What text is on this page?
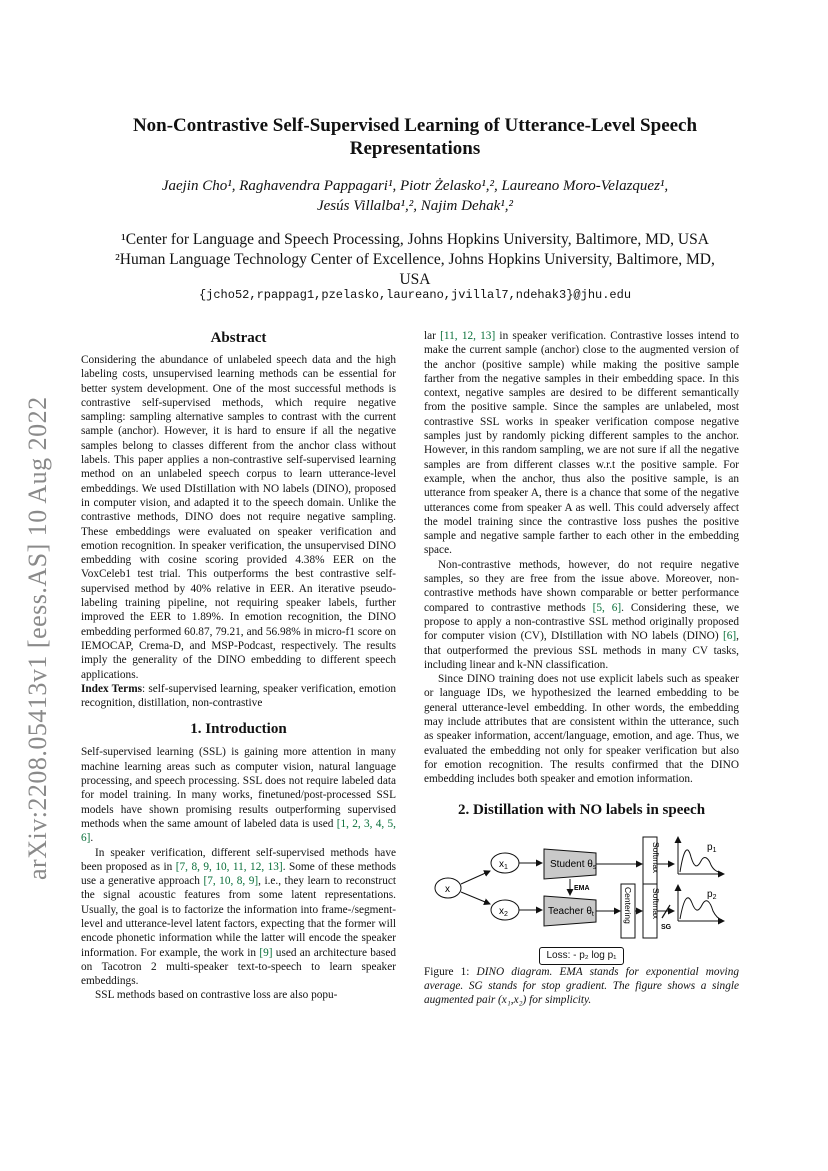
arXiv:2208.05413v1 [eess.AS] 10 Aug 2022
Non-Contrastive Self-Supervised Learning of Utterance-Level Speech
Representations
Jaejin Cho¹, Raghavendra Pappagari¹, Piotr Żelasko¹,², Laureano Moro-Velazquez¹,
Jesús Villalba¹,², Najim Dehak¹,²
¹Center for Language and Speech Processing, Johns Hopkins University, Baltimore, MD, USA
²Human Language Technology Center of Excellence, Johns Hopkins University, Baltimore, MD,
USA
{jcho52,rpappag1,pzelasko,laureano,jvillal7,ndehak3}@jhu.edu
Abstract

Considering the abundance of unlabeled speech data and the high labeling costs, unsupervised learning methods can be essential for better system development. One of the most successful methods is contrastive self-supervised methods, which require negative sampling: sampling alternative samples to contrast with the current sample (anchor). However, it is hard to ensure if all the negative samples belong to classes different from the anchor class without labels. This paper applies a non-contrastive self-supervised learning method on an unlabeled speech corpus to learn utterance-level embeddings. We used DIstillation with NO labels (DINO), proposed in computer vision, and adapted it to the speech domain. Unlike the contrastive methods, DINO does not require negative sampling. These embeddings were evaluated on speaker verification and emotion recognition. In speaker verification, the unsupervised DINO embedding with cosine scoring provided 4.38% EER on the VoxCeleb1 test trial. This outperforms the best contrastive self-supervised method by 40% relative in EER. An iterative pseudo-labeling training pipeline, not requiring speaker labels, further improved the EER to 1.89%. In emotion recognition, the DINO embedding performed 60.87, 79.21, and 56.98% in micro-f1 score on IEMOCAP, Crema-D, and MSP-Podcast, respectively. The results imply the generality of the DINO embedding to different speech applications.

Index Terms: self-supervised learning, speaker verification, emotion recognition, distillation, non-contrastive

1. Introduction

Self-supervised learning (SSL) is gaining more attention in many machine learning areas such as computer vision, natural language processing, and speech processing. SSL does not require labeled data for model training. In many works, finetuned/post-processed SSL models have shown promising results outperforming supervised methods when the same amount of labeled data is used [1, 2, 3, 4, 5, 6].

In speaker verification, different self-supervised methods have been proposed as in [7, 8, 9, 10, 11, 12, 13]. Some of these methods use a generative approach [7, 10, 8, 9], i.e., they learn to reconstruct the signal acoustic features from some latent representations. Usually, the goal is to factorize the information into frame-/segment-level and utterance-level latent factors, expecting that the former will encode phonetic information while the latter will encode the speaker information. For example, the work in [9] used an architecture based on Tacotron 2 multi-speaker text-to-speech to learn speaker embeddings.

SSL methods based on contrastive loss are also popu-

lar [11, 12, 13] in speaker verification. Contrastive losses intend to make the current sample (anchor) close to the augmented version of the anchor (positive sample) while making the positive sample farther from the negative samples in their embedding space. In this context, negative samples are desired to be different semantically from the positive sample. Since the samples are unlabeled, most contrastive SSL works in speaker verification compose negative samples just by randomly picking different samples to the anchor. However, in this random sampling, we are not sure if all the negative samples are from different classes w.r.t the positive sample. For example, when the anchor, thus also the positive sample, is an utterance from speaker A, there is a chance that some of the negative utterances come from speaker A as well. This could adversely affect the model training since the contrastive loss pushes the positive sample and negative sample farther to each other in the embedding space.

Non-contrastive methods, however, do not require negative samples, so they are free from the issue above. Moreover, non-contrastive methods have shown comparable or better performance compared to contrastive methods [5, 6]. Considering these, we propose to apply a non-contrastive SSL method originally proposed for computer vision (CV), DIstillation with NO labels (DINO) [6], that outperformed the previous SSL methods in many CV tasks, including linear and k-NN classification.

Since DINO training does not use explicit labels such as speaker or language IDs, we hypothesized the learned embedding to be general utterance-level embedding. In other words, the embedding may include attributes that are consistent within the utterance, such as speaker information, accent/language, emotion, and age. Thus, we evaluated the embedding not only for speaker verification but also for emotion recognition. The results confirmed that the DINO embedding includes both speaker and emotion information.

2. Distillation with NO labels in speech
x
$x_1$
$x_2$
Student $\theta_s$
Teacher $\theta_t$
EMA
Softmax	$p_1$
Centering Softmax
SG
$p_2$
Loss: - p₂ log p₁

Figure 1: DINO diagram. EMA stands for exponential moving average. SG stands for stop gradient. The figure shows a single augmented pair (x₁,x₂) for simplicity.
